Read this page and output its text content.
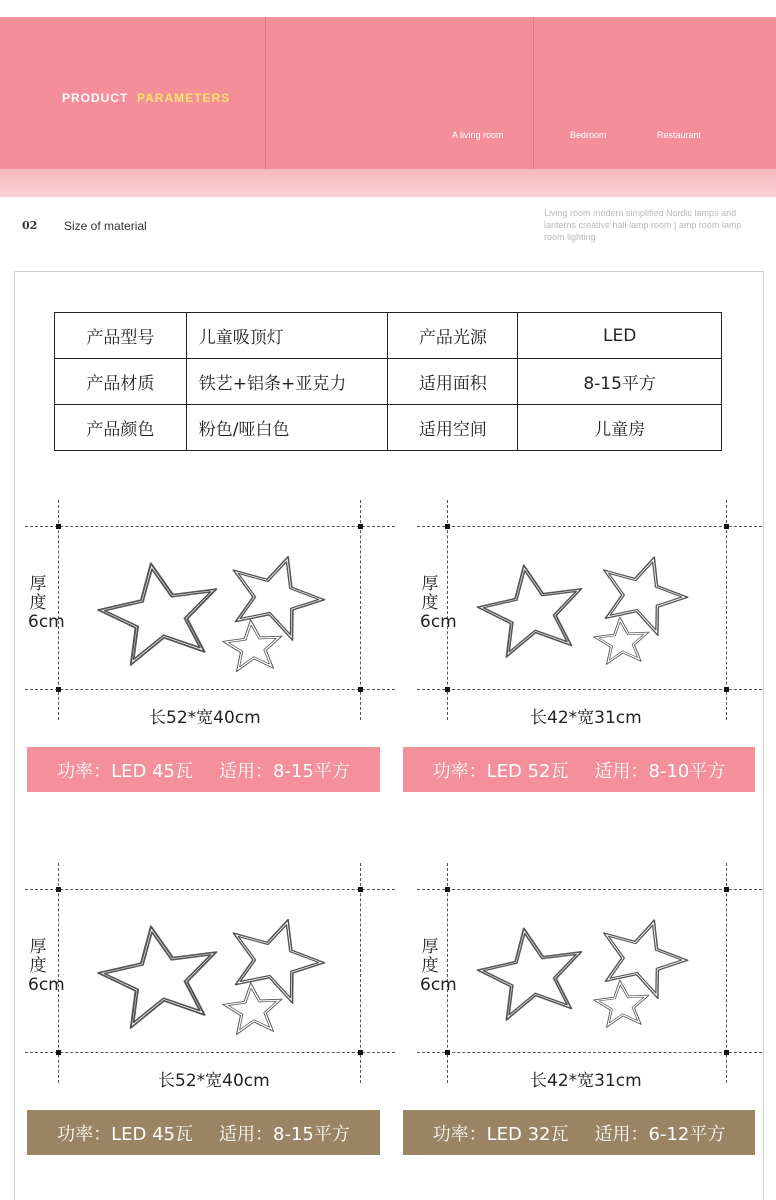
PRODUCT PARAMETERS
A living room	Bedroom	Restaurant
02 Size of material
Living room modern simplified Nordic lamps and lanterns creative hall lamp room | amp room lamp room lighting
产品型号	儿童吸顶灯	产品光源	LED
产品材质	铁艺+铝条+亚克力	适用面积	8-15平方
产品颜色	粉色/哑白色	适用空间	儿童房
厚度6cm
长52*宽40cm
功率：LED 45瓦 适用：8-15平方
厚度6cm
长42*宽31cm
功率：LED 52瓦 适用：8-10平方
厚度6cm
长52*宽40cm
功率：LED 45瓦 适用：8-15平方
厚度6cm
长42*宽31cm
功率：LED 32瓦 适用：6-12平方
